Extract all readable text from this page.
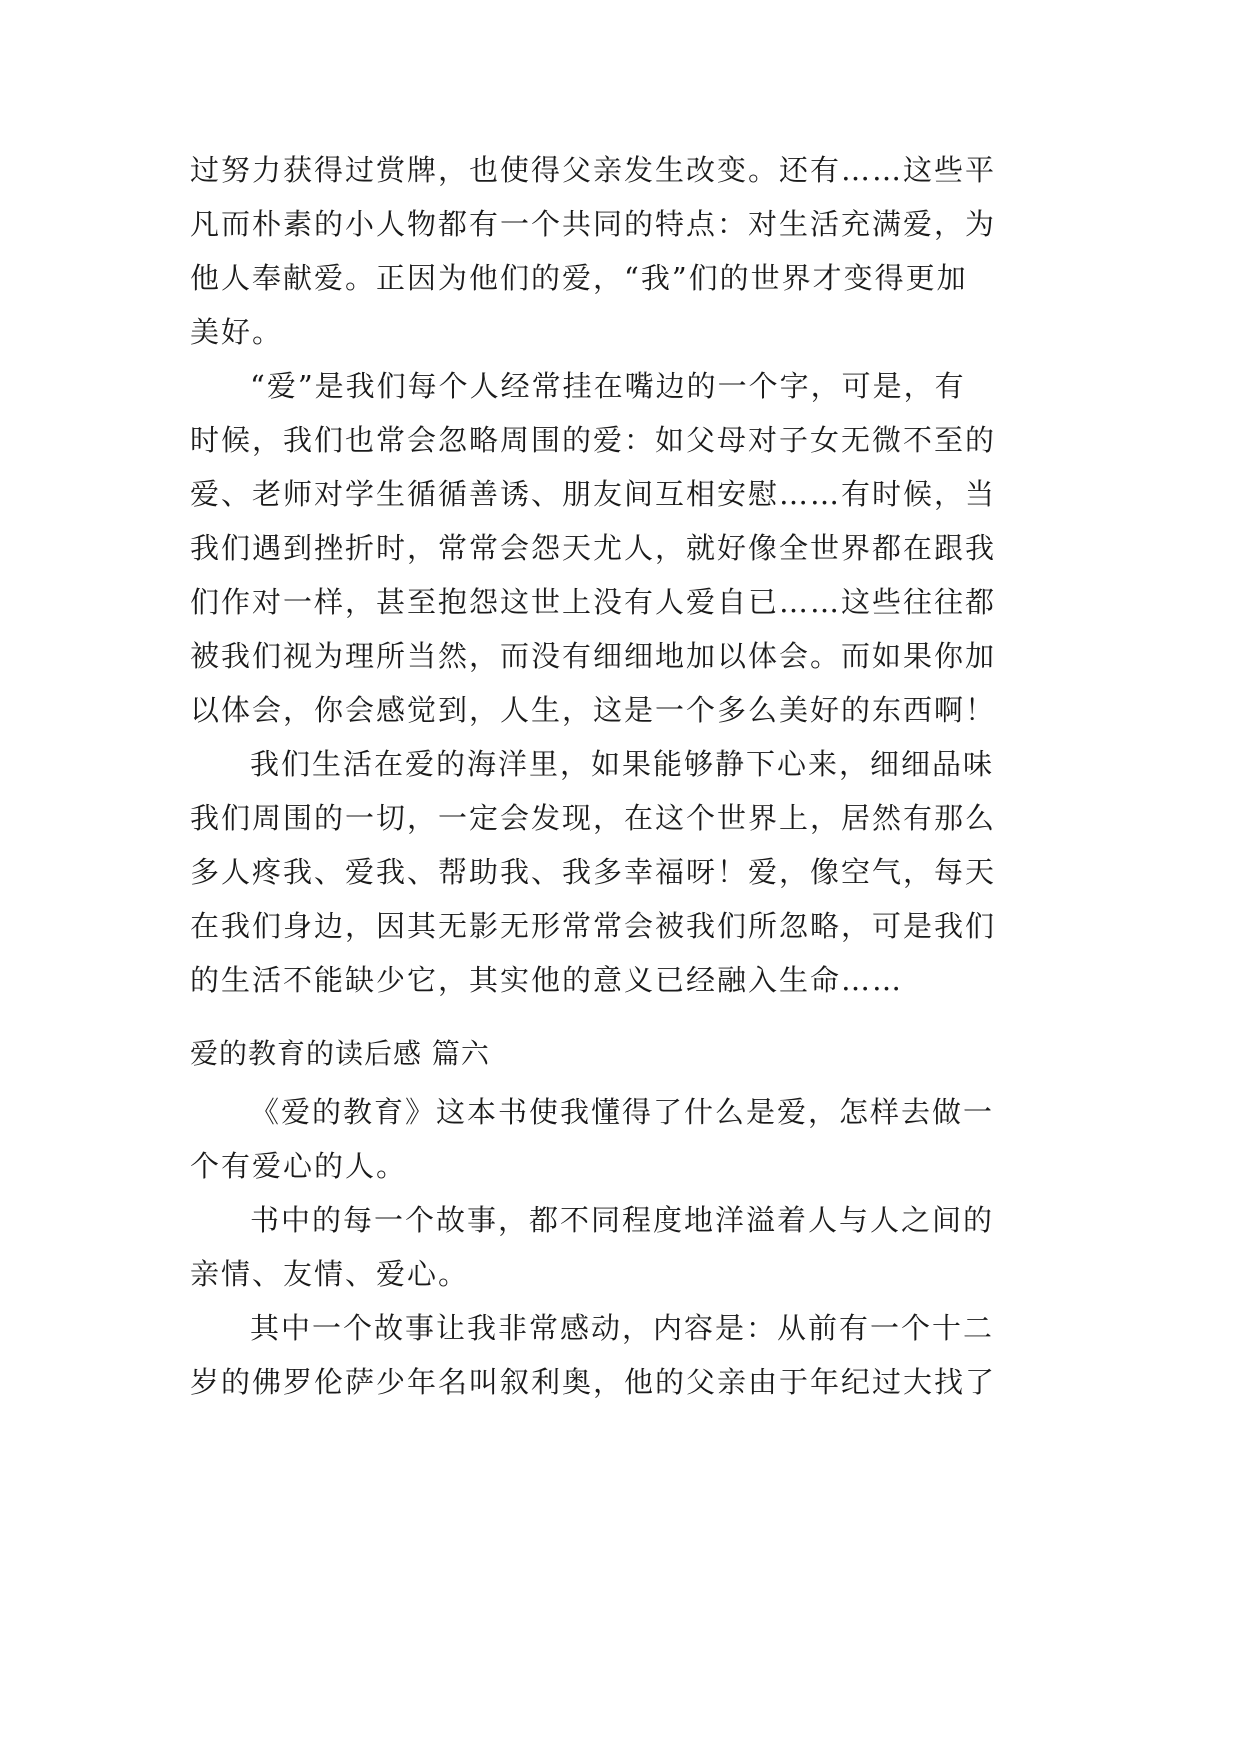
过努力获得过赏牌，也使得父亲发生改变。还有……这些平
凡而朴素的小人物都有一个共同的特点：对生活充满爱，为
他人奉献爱。正因为他们的爱，“我”们的世界才变得更加
美好。
“爱”是我们每个人经常挂在嘴边的一个字，可是，有
时候，我们也常会忽略周围的爱：如父母对子女无微不至的
爱、老师对学生循循善诱、朋友间互相安慰……有时候，当
我们遇到挫折时，常常会怨天尤人，就好像全世界都在跟我
们作对一样，甚至抱怨这世上没有人爱自已……这些往往都
被我们视为理所当然，而没有细细地加以体会。而如果你加
以体会，你会感觉到，人生，这是一个多么美好的东西啊！
我们生活在爱的海洋里，如果能够静下心来，细细品味
我们周围的一切，一定会发现，在这个世界上，居然有那么
多人疼我、爱我、帮助我、我多幸福呀！爱，像空气，每天
在我们身边，因其无影无形常常会被我们所忽略，可是我们
的生活不能缺少它，其实他的意义已经融入生命……
爱的教育的读后感 篇六
《爱的教育》这本书使我懂得了什么是爱，怎样去做一
个有爱心的人。
书中的每一个故事，都不同程度地洋溢着人与人之间的
亲情、友情、爱心。
其中一个故事让我非常感动，内容是：从前有一个十二
岁的佛罗伦萨少年名叫叙利奥，他的父亲由于年纪过大找了
